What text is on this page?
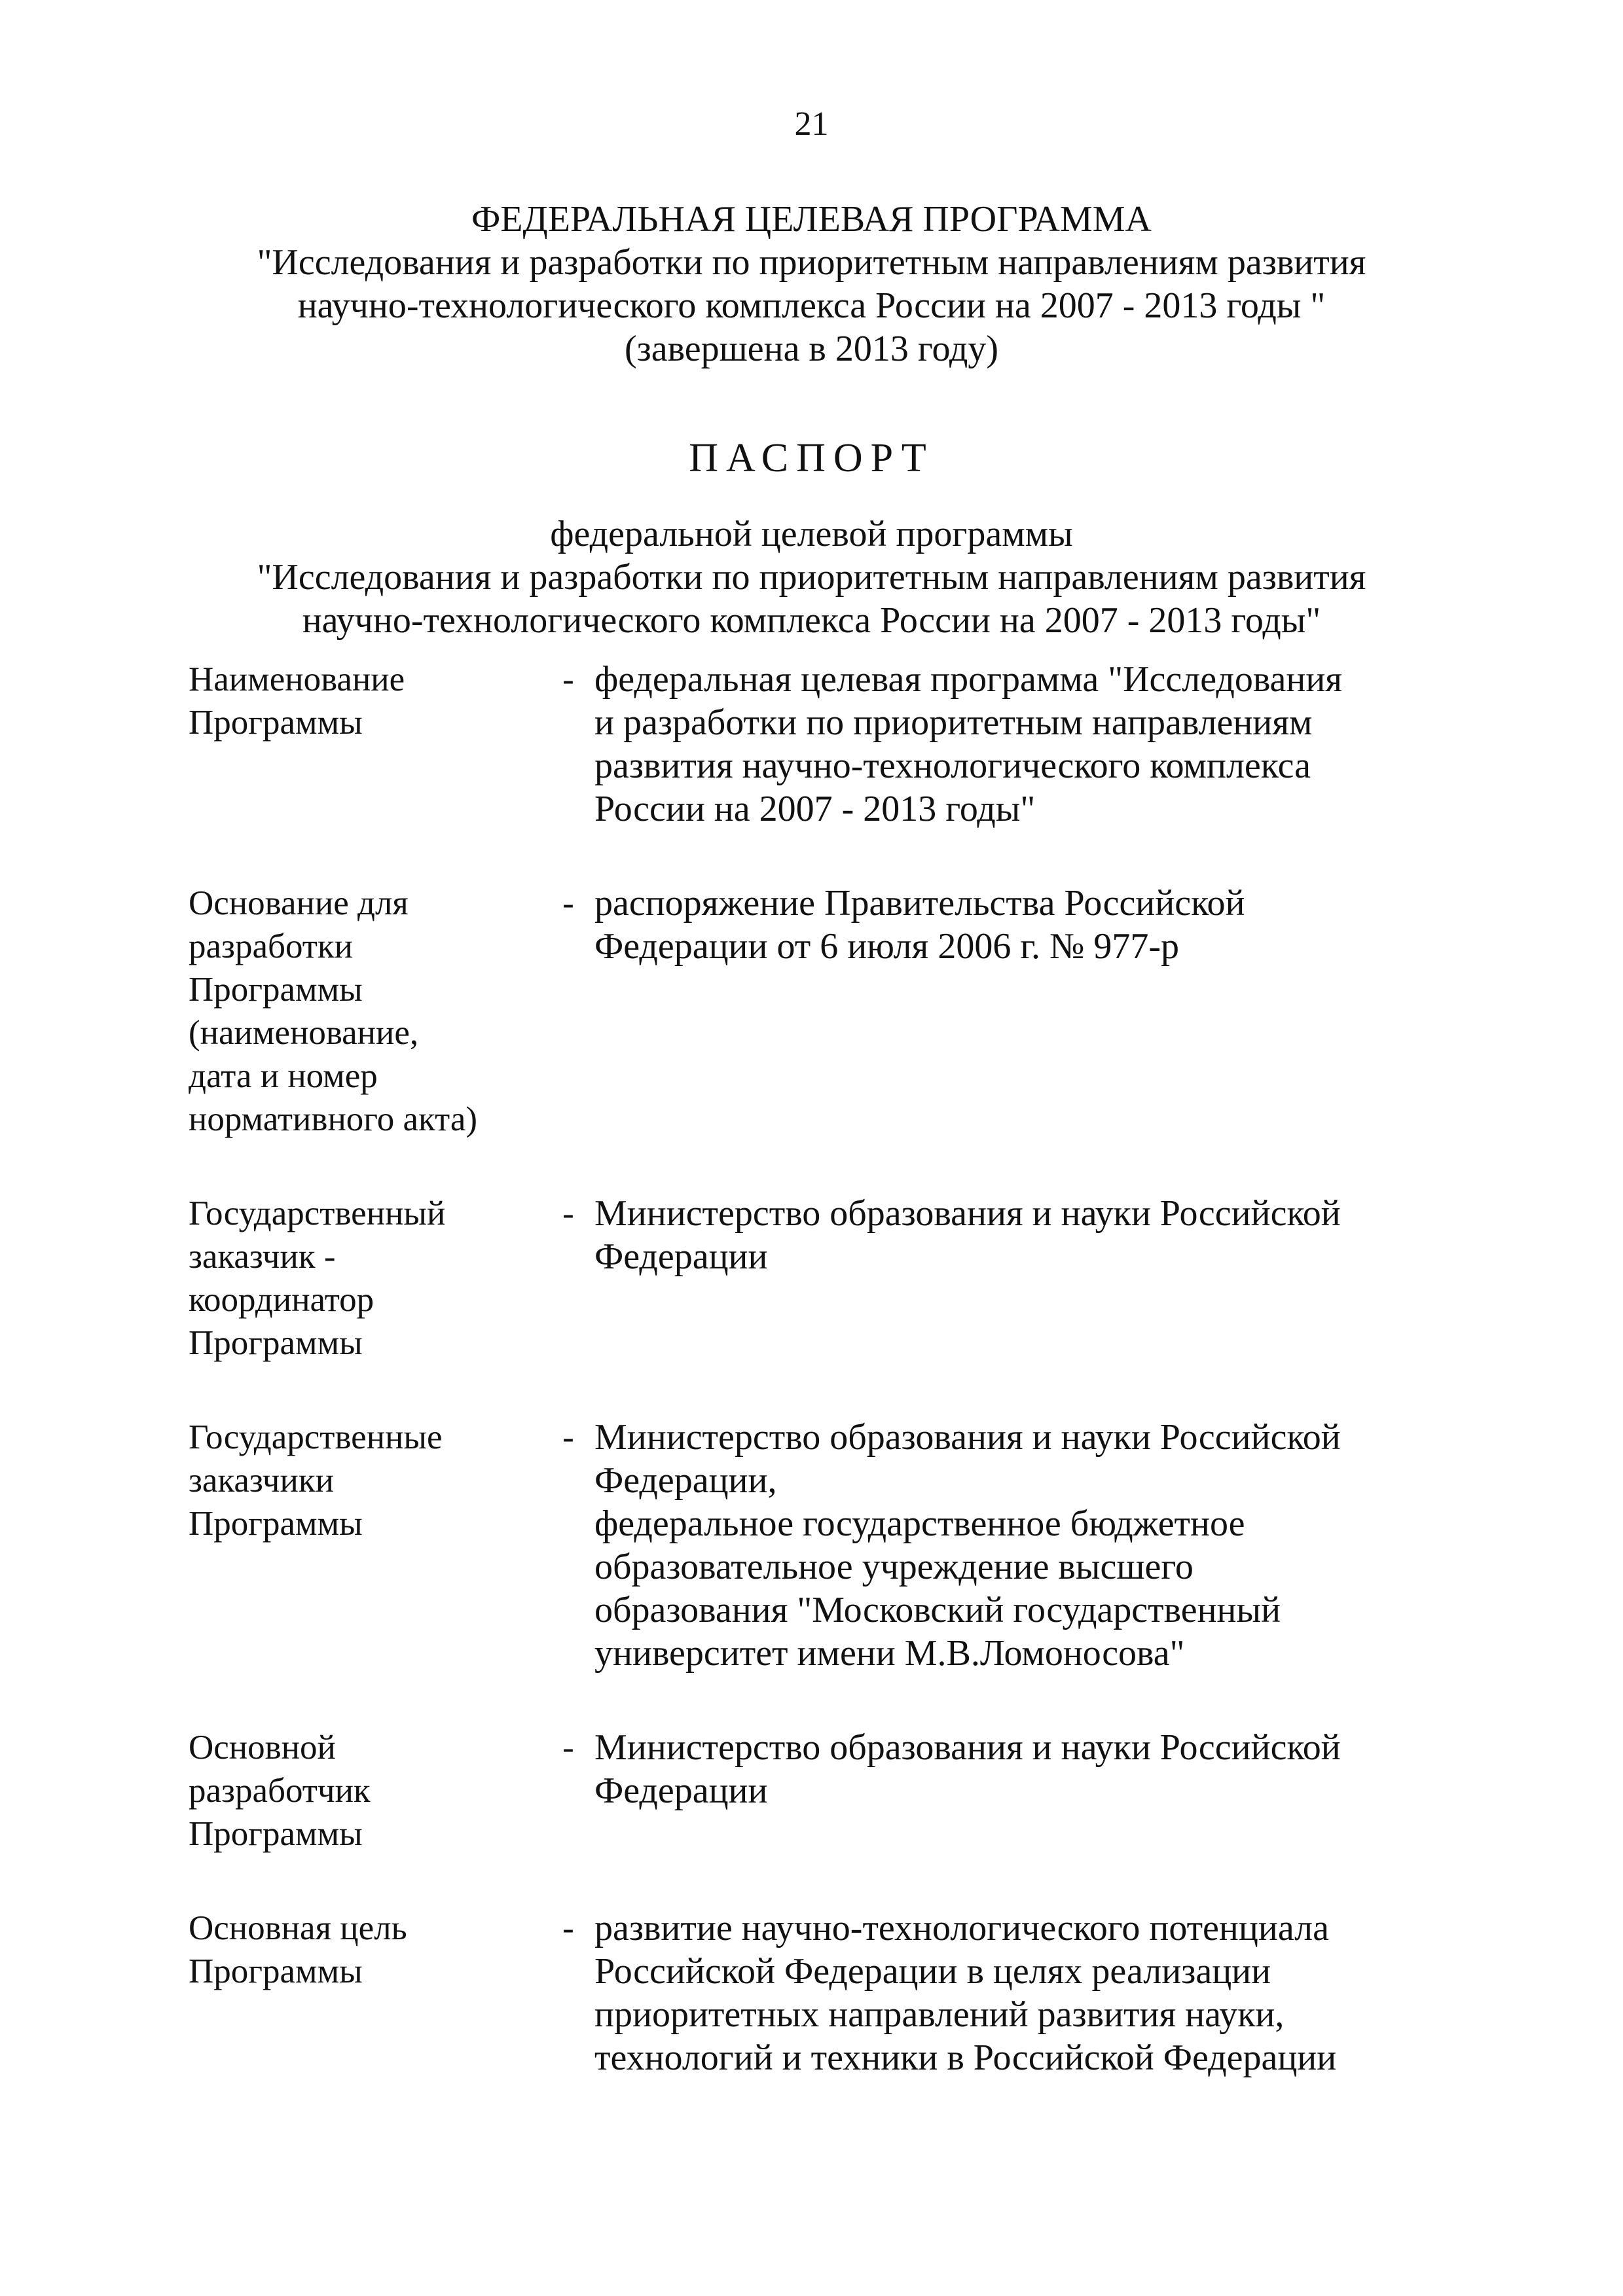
21
ФЕДЕРАЛЬНАЯ ЦЕЛЕВАЯ ПРОГРАММА
"Исследования и разработки по приоритетным направлениям развития
научно-технологического комплекса России на 2007 - 2013 годы "
(завершена в 2013 году)
ПАСПОРТ
федеральной целевой программы
"Исследования и разработки по приоритетным направлениям развития
научно-технологического комплекса России на 2007 - 2013 годы"
Наименование
Программы
- федеральная целевая программа "Исследования
и разработки по приоритетным направлениям
развития научно-технологического комплекса
России на 2007 - 2013 годы"
Основание для
разработки
Программы
(наименование,
дата и номер
нормативного акта)
- распоряжение Правительства Российской
Федерации от 6 июля 2006 г. № 977-р
Государственный
заказчик -
координатор
Программы
- Министерство образования и науки Российской
Федерации
Государственные
заказчики
Программы
- Министерство образования и науки Российской
Федерации,
федеральное государственное бюджетное
образовательное учреждение высшего
образования "Московский государственный
университет имени М.В.Ломоносова"
Основной
разработчик
Программы
- Министерство образования и науки Российской
Федерации
Основная цель
Программы
- развитие научно-технологического потенциала
Российской Федерации в целях реализации
приоритетных направлений развития науки,
технологий и техники в Российской Федерации
